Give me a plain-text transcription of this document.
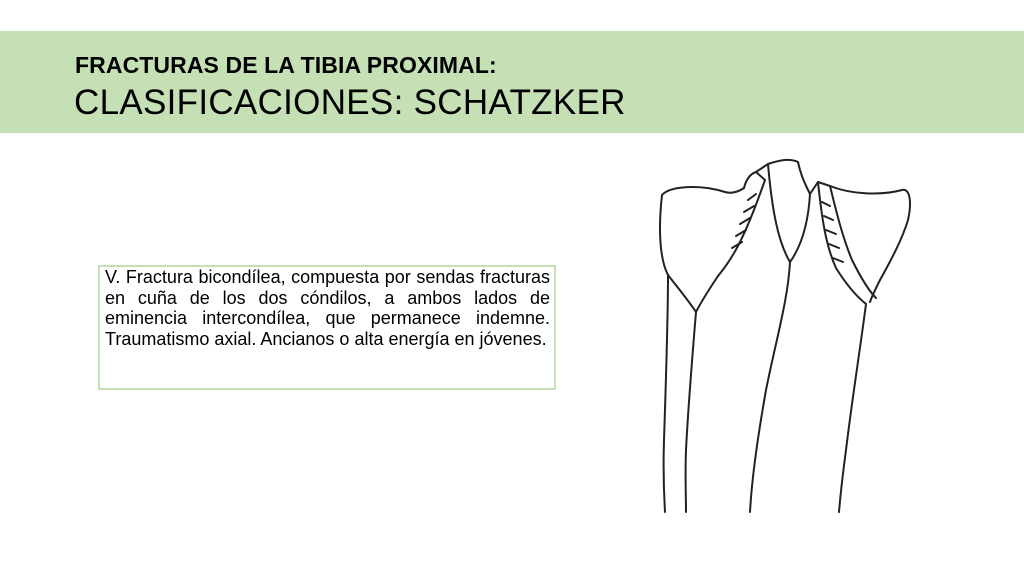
FRACTURAS DE LA TIBIA PROXIMAL:
CLASIFICACIONES: SCHATZKER
V. Fractura bicondílea, compuesta por sendas fracturas en cuña de los dos cóndilos, a ambos lados de eminencia intercondílea, que permanece indemne. Traumatismo axial. Ancianos o alta energía en jóvenes.
